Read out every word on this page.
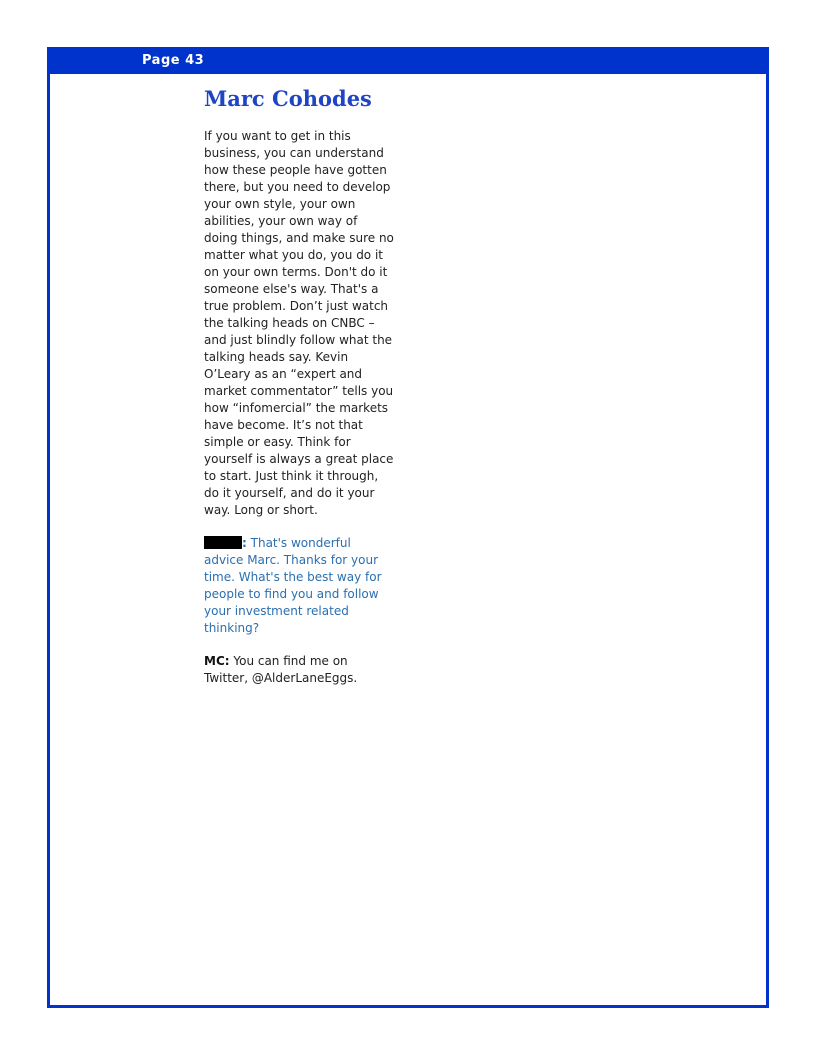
Page 43
Marc Cohodes

If you want to get in this business, you can understand how these people have gotten there, but you need to develop your own style, your own abilities, your own way of doing things, and make sure no matter what you do, you do it on your own terms. Don't do it someone else's way. That's a true problem. Don’t just watch the talking heads on CNBC – and just blindly follow what the talking heads say. Kevin O’Leary as an “expert and market commentator” tells you how “infomercial” the markets have become. It’s not that simple or easy. Think for yourself is always a great place to start. Just think it through, do it yourself, and do it your way. Long or short.

: That's wonderful advice Marc. Thanks for your time. What's the best way for people to find you and follow your investment related thinking?

MC: You can find me on Twitter, @AlderLaneEggs.
